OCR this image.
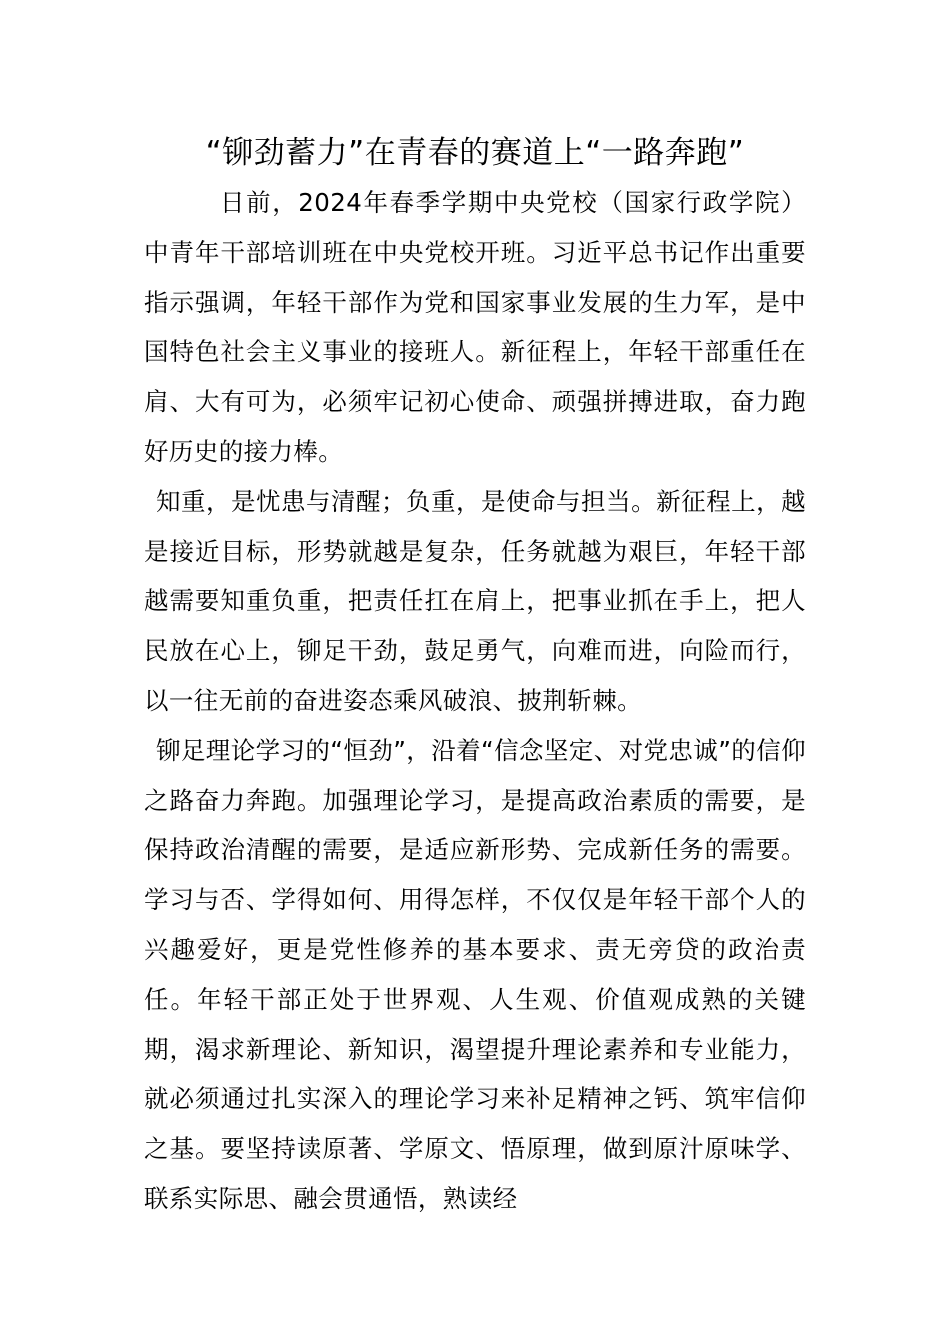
“铆劲蓄力”在青春的赛道上“一路奔跑”

日前，2024年春季学期中央党校（国家行政学院）中青年干部培训班在中央党校开班。习近平总书记作出重要指示强调，年轻干部作为党和国家事业发展的生力军，是中国特色社会主义事业的接班人。新征程上，年轻干部重任在肩、大有可为，必须牢记初心使命、顽强拼搏进取，奋力跑好历史的接力棒。

知重，是忧患与清醒；负重，是使命与担当。新征程上，越是接近目标，形势就越是复杂，任务就越为艰巨，年轻干部越需要知重负重，把责任扛在肩上，把事业抓在手上，把人民放在心上，铆足干劲，鼓足勇气，向难而进，向险而行，以一往无前的奋进姿态乘风破浪、披荆斩棘。

铆足理论学习的“恒劲”，沿着“信念坚定、对党忠诚”的信仰之路奋力奔跑。加强理论学习，是提高政治素质的需要，是保持政治清醒的需要，是适应新形势、完成新任务的需要。学习与否、学得如何、用得怎样，不仅仅是年轻干部个人的兴趣爱好，更是党性修养的基本要求、责无旁贷的政治责任。年轻干部正处于世界观、人生观、价值观成熟的关键期，渴求新理论、新知识，渴望提升理论素养和专业能力，就必须通过扎实深入的理论学习来补足精神之钙、筑牢信仰之基。要坚持读原著、学原文、悟原理，做到原汁原味学、联系实际思、融会贯通悟，熟读经
